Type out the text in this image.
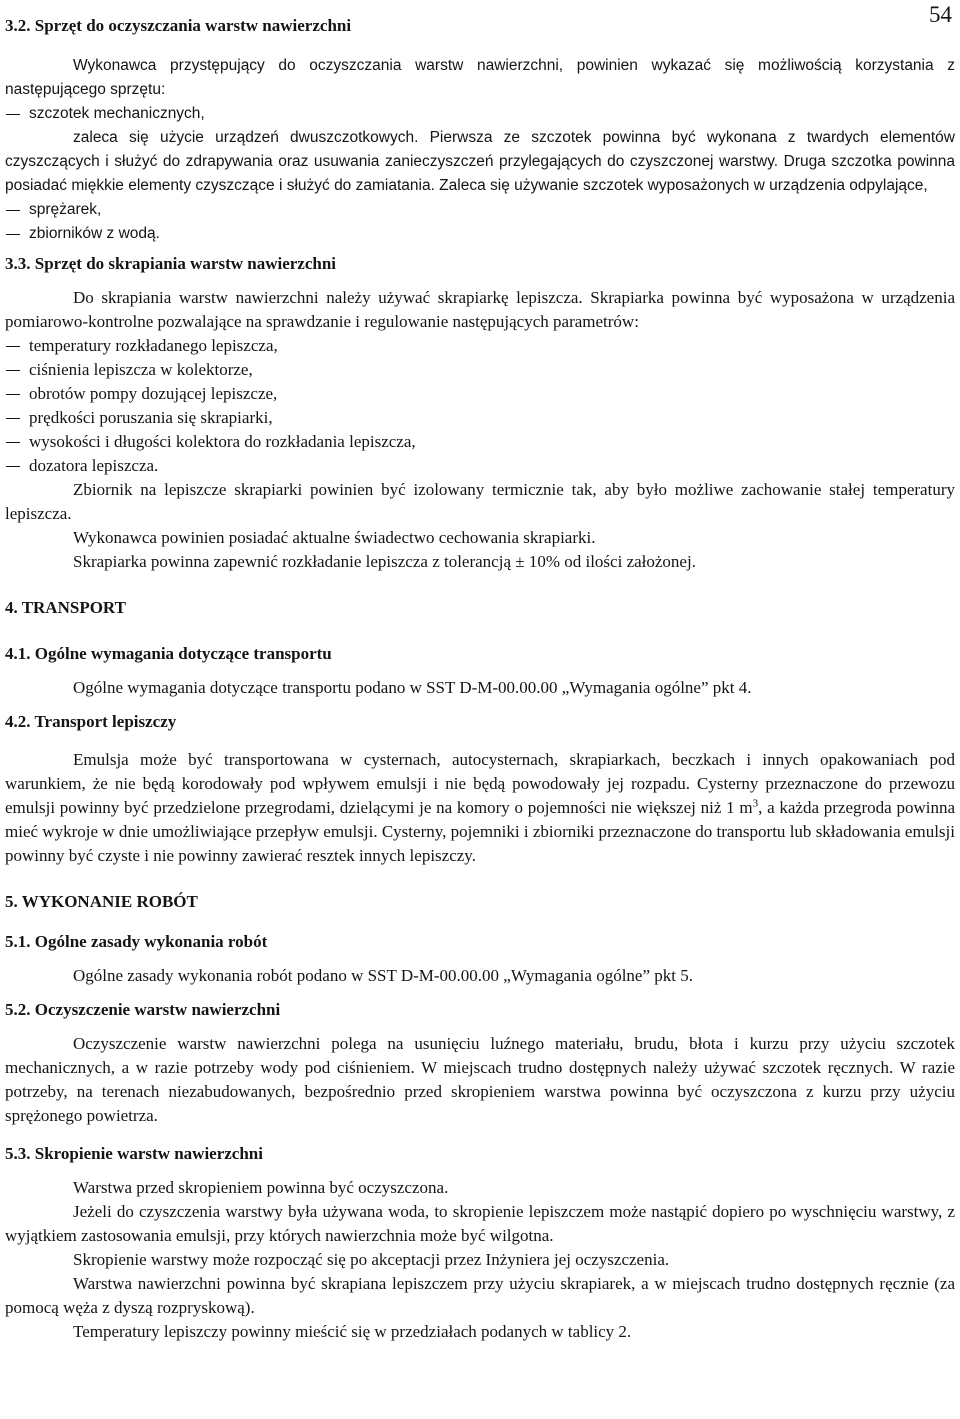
54
3.2. Sprzęt do oczyszczania warstw nawierzchni
Wykonawca przystępujący do oczyszczania warstw nawierzchni, powinien wykazać się możliwością korzystania z następującego sprzętu:
szczotek mechanicznych,
zaleca się użycie urządzeń dwuszczotkowych. Pierwsza ze szczotek powinna być wykonana z twardych elementów czyszczących i służyć do zdrapywania oraz usuwania zanieczyszczeń przylegających do czyszczonej warstwy. Druga szczotka powinna posiadać miękkie elementy czyszczące i służyć do zamiatania. Zaleca się używanie szczotek wyposażonych w urządzenia odpylające,
sprężarek,
zbiorników z wodą.
3.3. Sprzęt do skrapiania warstw nawierzchni
Do skrapiania warstw nawierzchni należy używać skrapiarkę lepiszcza. Skrapiarka powinna być wyposażona w urządzenia pomiarowo-kontrolne pozwalające na sprawdzanie i regulowanie następujących parametrów:
temperatury rozkładanego lepiszcza,
ciśnienia lepiszcza w kolektorze,
obrotów pompy dozującej lepiszcze,
prędkości poruszania się skrapiarki,
wysokości i długości kolektora do rozkładania lepiszcza,
dozatora lepiszcza.
Zbiornik na lepiszcze skrapiarki powinien być izolowany termicznie tak, aby było możliwe zachowanie stałej temperatury lepiszcza.
Wykonawca powinien posiadać aktualne świadectwo cechowania skrapiarki.
Skrapiarka powinna zapewnić rozkładanie lepiszcza z tolerancją ± 10% od ilości założonej.
4. TRANSPORT
4.1. Ogólne wymagania dotyczące transportu
Ogólne wymagania dotyczące transportu podano w SST D-M-00.00.00 „Wymagania ogólne” pkt 4.
4.2. Transport lepiszczy
Emulsja może być transportowana w cysternach, autocysternach, skrapiarkach, beczkach i innych opakowaniach pod warunkiem, że nie będą korodowały pod wpływem emulsji i nie będą powodowały jej rozpadu. Cysterny przeznaczone do przewozu emulsji powinny być przedzielone przegrodami, dzielącymi je na komory o pojemności nie większej niż 1 $m^3$, a każda przegroda powinna mieć wykroje w dnie umożliwiające przepływ emulsji. Cysterny, pojemniki i zbiorniki przeznaczone do transportu lub składowania emulsji powinny być czyste i nie powinny zawierać resztek innych lepiszczy.
5. WYKONANIE ROBÓT
5.1. Ogólne zasady wykonania robót
Ogólne zasady wykonania robót podano w SST D-M-00.00.00 „Wymagania ogólne” pkt 5.
5.2. Oczyszczenie warstw nawierzchni
Oczyszczenie warstw nawierzchni polega na usunięciu luźnego materiału, brudu, błota i kurzu przy użyciu szczotek mechanicznych, a w razie potrzeby wody pod ciśnieniem. W miejscach trudno dostępnych należy używać szczotek ręcznych. W razie potrzeby, na terenach niezabudowanych, bezpośrednio przed skropieniem warstwa powinna być oczyszczona z kurzu przy użyciu sprężonego powietrza.
5.3. Skropienie warstw nawierzchni
Warstwa przed skropieniem powinna być oczyszczona.
Jeżeli do czyszczenia warstwy była używana woda, to skropienie lepiszczem może nastąpić dopiero po wyschnięciu warstwy, z wyjątkiem zastosowania emulsji, przy których nawierzchnia może być wilgotna.
Skropienie warstwy może rozpocząć się po akceptacji przez Inżyniera jej oczyszczenia.
Warstwa nawierzchni powinna być skrapiana lepiszczem przy użyciu skrapiarek, a w miejscach trudno dostępnych ręcznie (za pomocą węża z dyszą rozpryskową).
Temperatury lepiszczy powinny mieścić się w przedziałach podanych w tablicy 2.
